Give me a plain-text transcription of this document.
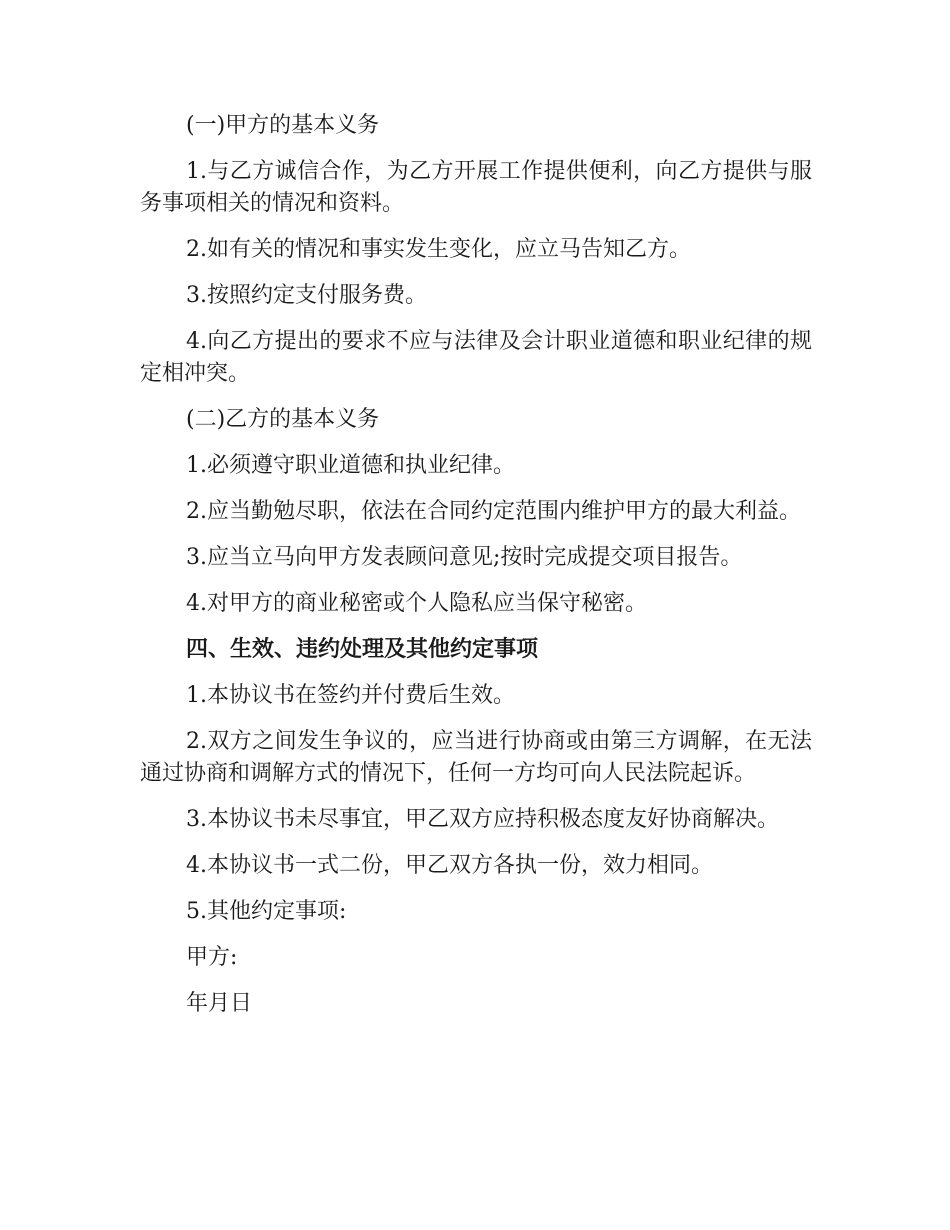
(一)甲方的基本义务

1.与乙方诚信合作，为乙方开展工作提供便利，向乙方提供与服务事项相关的情况和资料。

2.如有关的情况和事实发生变化，应立马告知乙方。

3.按照约定支付服务费。

4.向乙方提出的要求不应与法律及会计职业道德和职业纪律的规定相冲突。

(二)乙方的基本义务

1.必须遵守职业道德和执业纪律。

2.应当勤勉尽职，依法在合同约定范围内维护甲方的最大利益。

3.应当立马向甲方发表顾问意见;按时完成提交项目报告。

4.对甲方的商业秘密或个人隐私应当保守秘密。

四、生效、违约处理及其他约定事项

1.本协议书在签约并付费后生效。

2.双方之间发生争议的，应当进行协商或由第三方调解，在无法通过协商和调解方式的情况下，任何一方均可向人民法院起诉。

3.本协议书未尽事宜，甲乙双方应持积极态度友好协商解决。

4.本协议书一式二份，甲乙双方各执一份，效力相同。

5.其他约定事项:

甲方:

年月日
